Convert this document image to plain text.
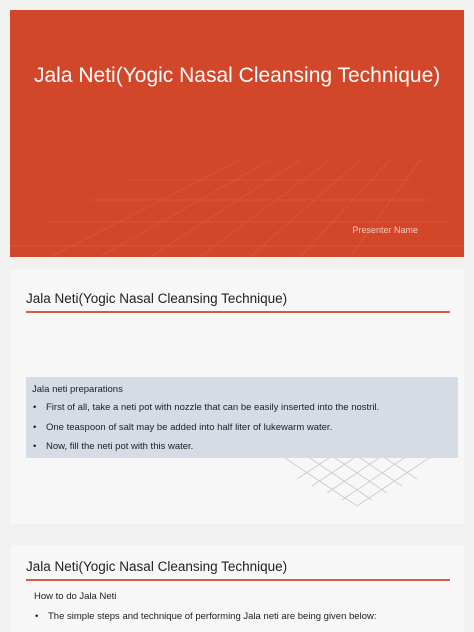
Jala Neti(Yogic Nasal Cleansing Technique)
Presenter Name
Jala Neti(Yogic Nasal Cleansing Technique)
Jala neti preparations
• First of all, take a neti pot with nozzle that can be easily inserted into the nostril.
• One teaspoon of salt may be added into half liter of lukewarm water.
• Now, fill the neti pot with this water.
Jala Neti(Yogic Nasal Cleansing Technique)
How to do Jala Neti
• The simple steps and technique of performing Jala neti are being given below:
